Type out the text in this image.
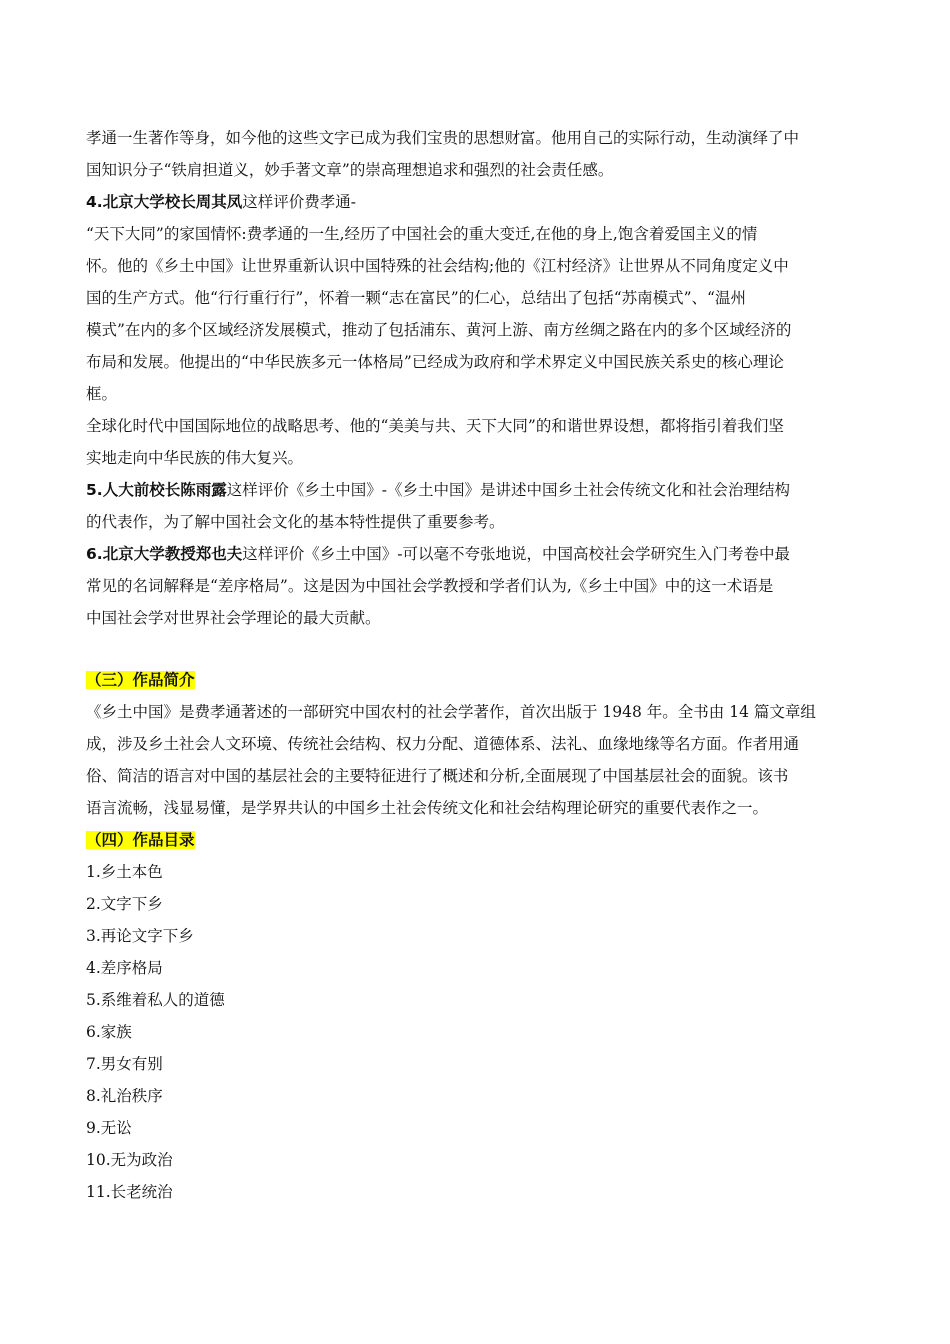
孝通一生著作等身，如今他的这些文字已成为我们宝贵的思想财富。他用自己的实际行动，生动演绎了中
国知识分子“铁肩担道义，妙手著文章”的崇高理想追求和强烈的社会责任感。
4.北京大学校长周其凤这样评价费孝通-
“天下大同”的家国情怀:费孝通的一生,经历了中国社会的重大变迁,在他的身上,饱含着爱国主义的情
怀。他的《乡土中国》让世界重新认识中国特殊的社会结构;他的《江村经济》让世界从不同角度定义中
国的生产方式。他“行行重行行”，怀着一颗“志在富民”的仁心，总结出了包括“苏南模式”、“温州
模式”在内的多个区域经济发展模式，推动了包括浦东、黄河上游、南方丝绸之路在内的多个区域经济的
布局和发展。他提出的“中华民族多元一体格局”已经成为政府和学术界定义中国民族关系史的核心理论
框。
全球化时代中国国际地位的战略思考、他的“美美与共、天下大同”的和谐世界设想，都将指引着我们坚
实地走向中华民族的伟大复兴。
5.人大前校长陈雨露这样评价《乡土中国》-《乡土中国》是讲述中国乡土社会传统文化和社会治理结构
的代表作，为了解中国社会文化的基本特性提供了重要参考。
6.北京大学教授郑也夫这样评价《乡土中国》-可以毫不夸张地说，中国高校社会学研究生入门考卷中最
常见的名词解释是“差序格局”。这是因为中国社会学教授和学者们认为,《乡土中国》中的这一术语是
中国社会学对世界社会学理论的最大贡献。
（三）作品简介
《乡土中国》是费孝通著述的一部研究中国农村的社会学著作，首次出版于 1948 年。全书由 14 篇文章组
成，涉及乡土社会人文环境、传统社会结构、权力分配、道德体系、法礼、血缘地缘等名方面。作者用通
俗、简洁的语言对中国的基层社会的主要特征进行了概述和分析,全面展现了中国基层社会的面貌。该书
语言流畅，浅显易懂，是学界共认的中国乡土社会传统文化和社会结构理论研究的重要代表作之一。
（四）作品目录
1.乡土本色
2.文字下乡
3.再论文字下乡
4.差序格局
5.系维着私人的道德
6.家族
7.男女有别
8.礼治秩序
9.无讼
10.无为政治
11.长老统治
